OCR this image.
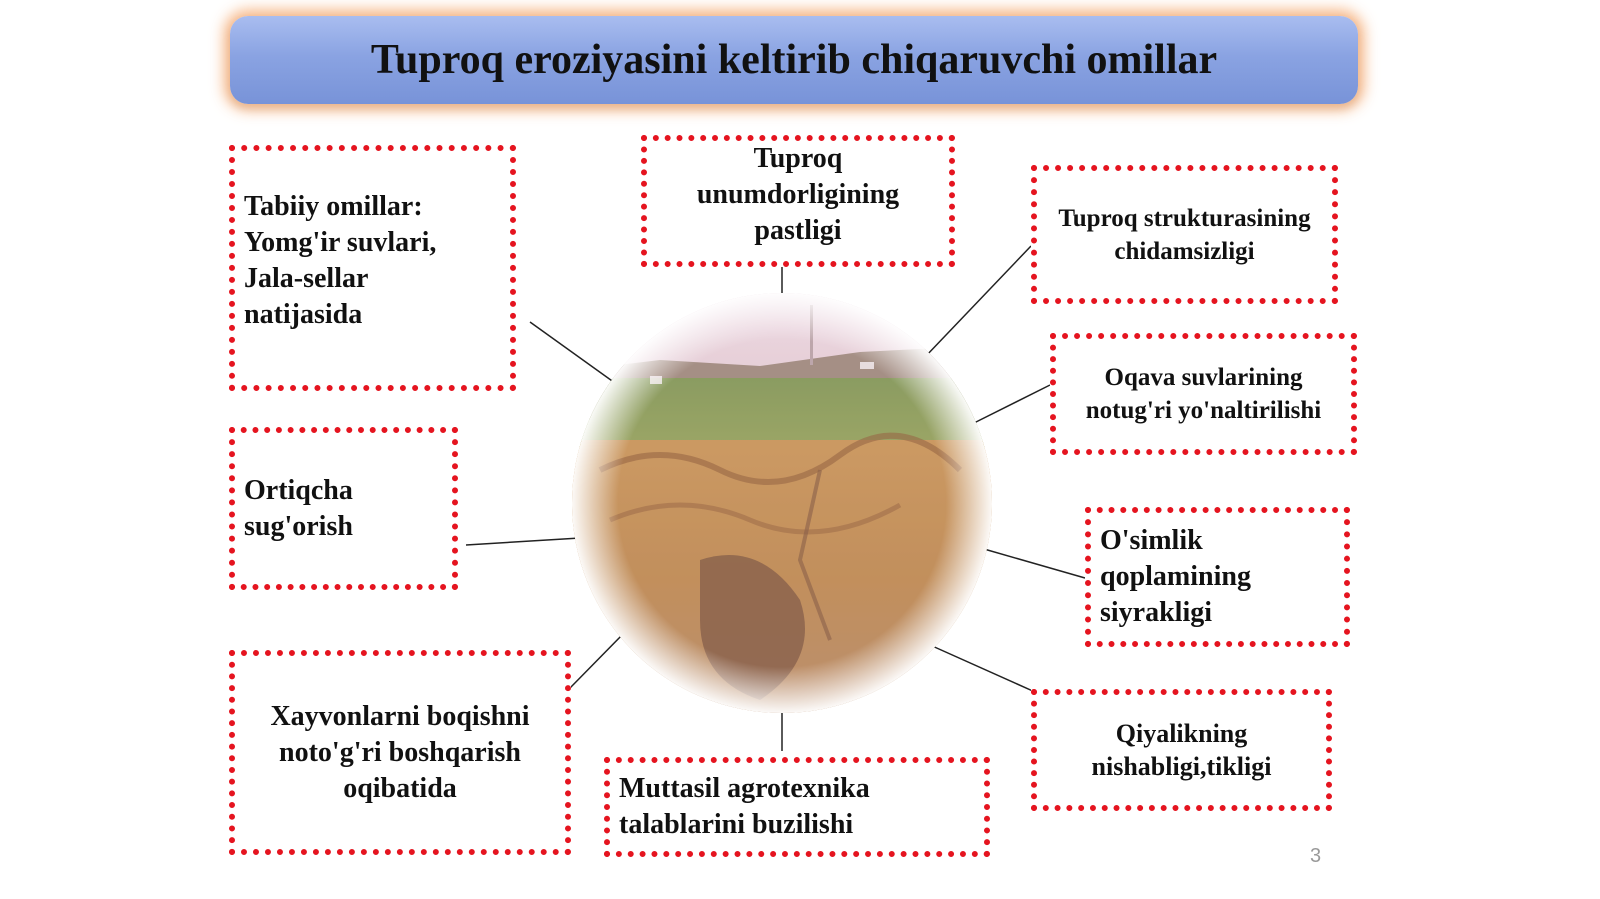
Tuproq eroziyasini keltirib chiqaruvchi omillar
Tabiiy omillar:
Yomg'ir suvlari,
Jala-sellar
natijasida
Tuproq
unumdorligining
pastligi	Tuproq strukturasining
chidamsizligi
Oqava suvlarining
notug'ri yo'naltirilishi
Ortiqcha
sug'orish	O'simlik
qoplamining
siyrakligi
Xayvonlarni boqishni
noto'g'ri boshqarish
oqibatida	Muttasil agrotexnika
talablarini buzilishi
Qiyalikning
nishabligi,tikligi
3
